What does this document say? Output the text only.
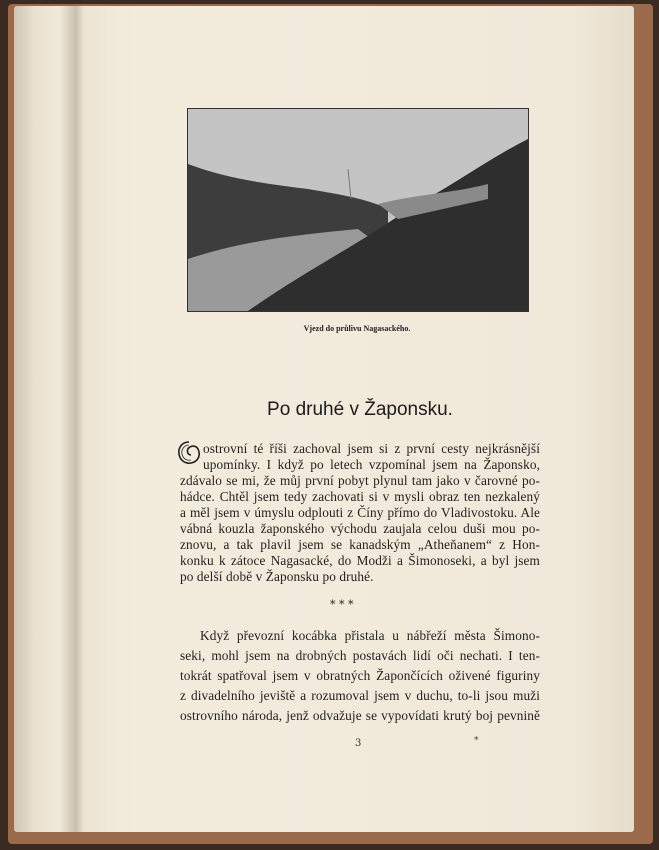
Vjezd do průlivu Nagasackého.
Po druhé v Žaponsku.
ostrovní té říši zachoval jsem si z první cesty nejkrásnější
upomínky. I když po letech vzpomínal jsem na Žaponsko,
zdávalo se mi, že můj první pobyt plynul tam jako v čarovné po-
hádce. Chtěl jsem tedy zachovati si v mysli obraz ten nezkalený
a měl jsem v úmyslu odplouti z Číny přímo do Vladivostoku. Ale
vábná kouzla žaponského východu zaujala celou duši mou po-
znovu, a tak plavil jsem se kanadským „Atheňanem“ z Hon-
konku k zátoce Nagasacké, do Modži a Šimonoseki, a byl jsem
po delší době v Žaponsku po druhé.
* * *
Když převozní kocábka přistala u nábřeží města Šimono-
seki, mohl jsem na drobných postavách lidí oči nechati. I ten-
tokrát spatřoval jsem v obratných Žapončících oživené figuriny
z divadelního jeviště a rozumoval jsem v duchu, to-li jsou muži
ostrovního národa, jenž odvažuje se vypovídati krutý boj pevnině
3	*
